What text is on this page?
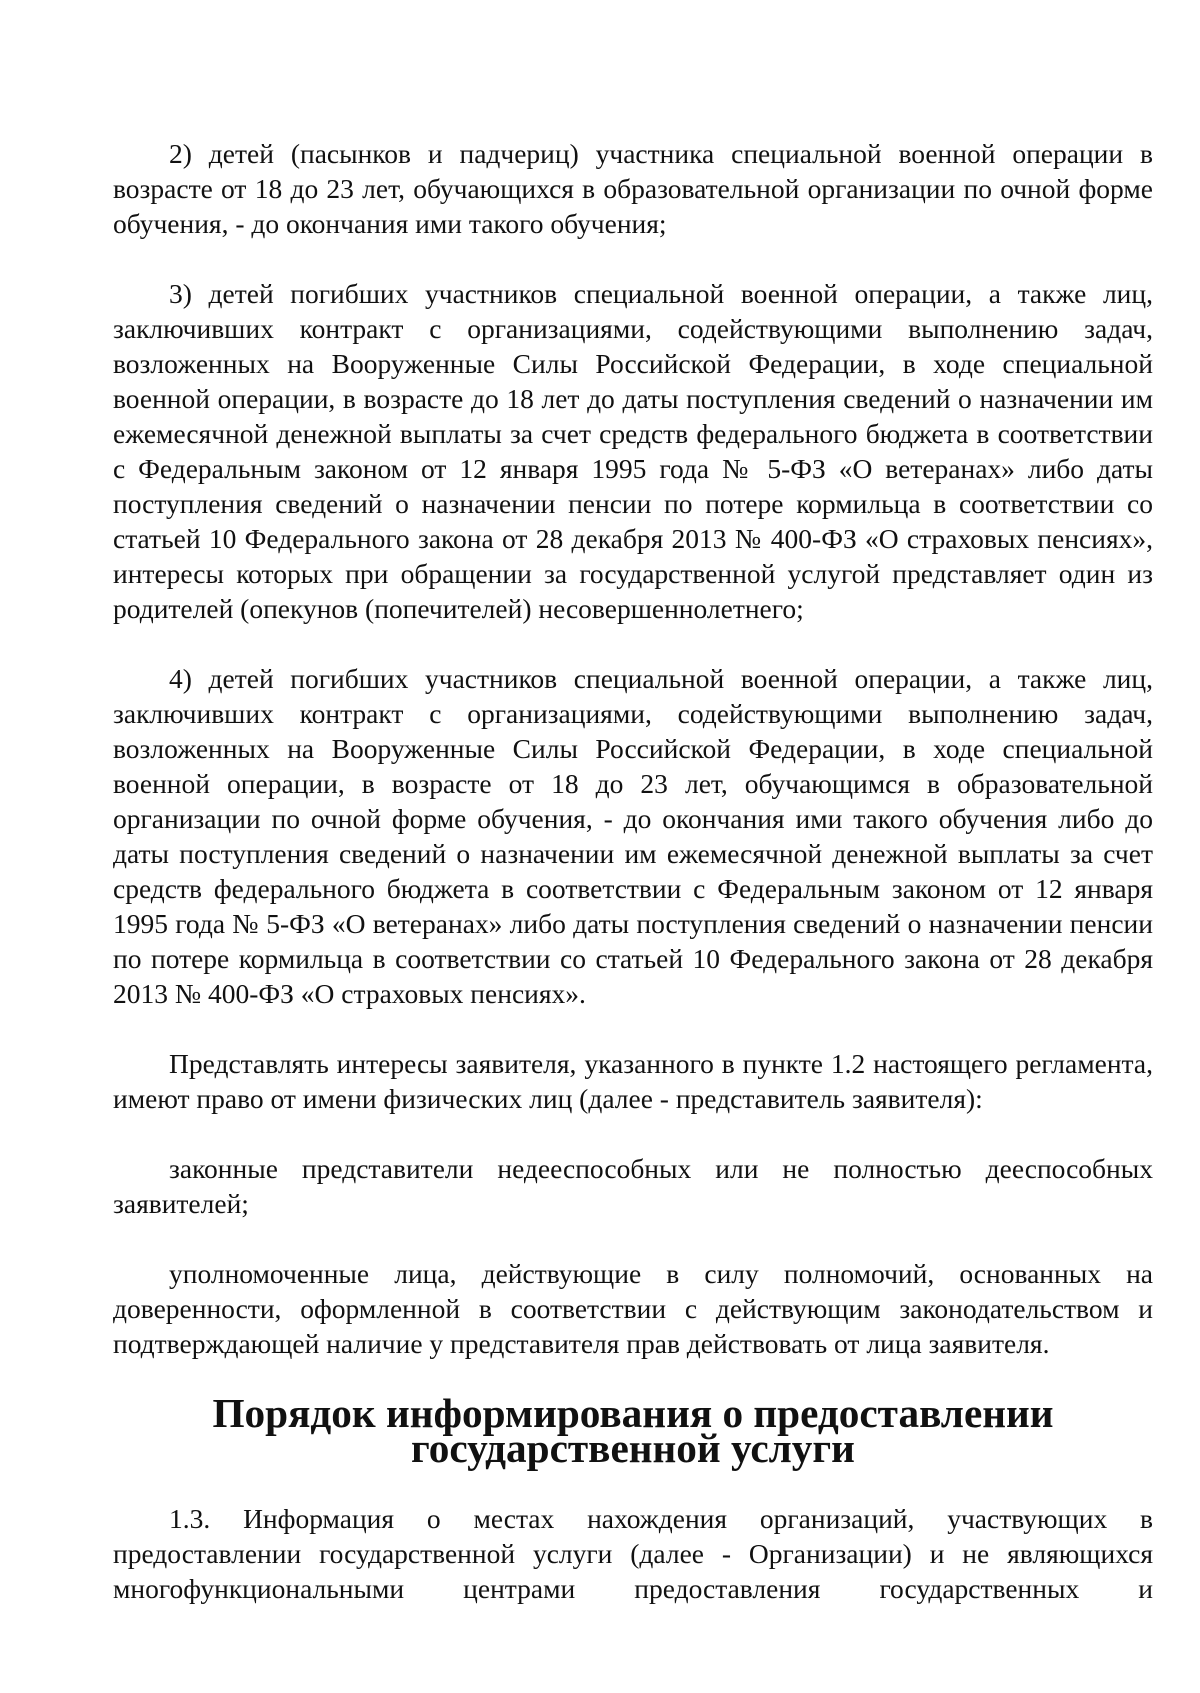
2) детей (пасынков и падчериц) участника специальной военной операции в возрасте от 18 до 23 лет, обучающихся в образовательной организации по очной форме обучения, - до окончания ими такого обучения;

3) детей погибших участников специальной военной операции, а также лиц, заключивших контракт с организациями, содействующими выполнению задач, возложенных на Вооруженные Силы Российской Федерации, в ходе специальной военной операции, в возрасте до 18 лет до даты поступления сведений о назначении им ежемесячной денежной выплаты за счет средств федерального бюджета в соответствии с Федеральным законом от 12 января 1995 года № 5-ФЗ «О ветеранах» либо даты поступления сведений о назначении пенсии по потере кормильца в соответствии со статьей 10 Федерального закона от 28 декабря 2013 № 400-ФЗ «О страховых пенсиях», интересы которых при обращении за государственной услугой представляет один из родителей (опекунов (попечителей) несовершеннолетнего;

4) детей погибших участников специальной военной операции, а также лиц, заключивших контракт с организациями, содействующими выполнению задач, возложенных на Вооруженные Силы Российской Федерации, в ходе специальной военной операции, в возрасте от 18 до 23 лет, обучающимся в образовательной организации по очной форме обучения, - до окончания ими такого обучения либо до даты поступления сведений о назначении им ежемесячной денежной выплаты за счет средств федерального бюджета в соответствии с Федеральным законом от 12 января 1995 года № 5-ФЗ «О ветеранах» либо даты поступления сведений о назначении пенсии по потере кормильца в соответствии со статьей 10 Федерального закона от 28 декабря 2013 № 400-ФЗ «О страховых пенсиях».

Представлять интересы заявителя, указанного в пункте 1.2 настоящего регламента, имеют право от имени физических лиц (далее - представитель заявителя):

законные представители недееспособных или не полностью дееспособных заявителей;

уполномоченные лица, действующие в силу полномочий, основанных на доверенности, оформленной в соответствии с действующим законодательством и подтверждающей наличие у представителя прав действовать от лица заявителя.

Порядок информирования о предоставлении
государственной услуги

1.3. Информация о местах нахождения организаций, участвующих в предоставлении государственной услуги (далее - Организации) и не являющихся многофункциональными центрами предоставления государственных и
